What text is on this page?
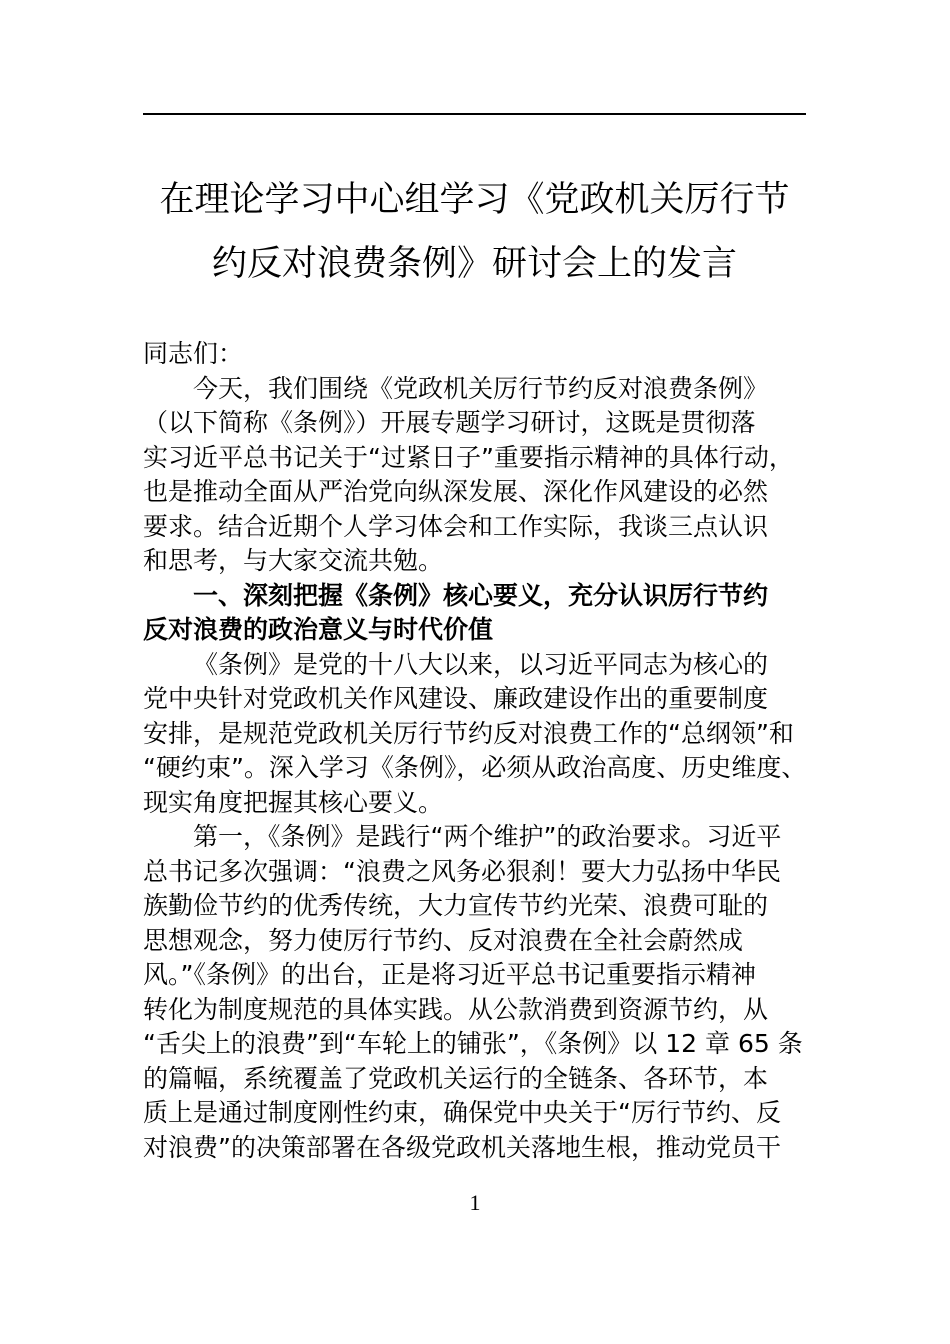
在理论学习中心组学习《党政机关厉行节
约反对浪费条例》研讨会上的发言
同志们：
今天，我们围绕《党政机关厉行节约反对浪费条例》
（以下简称《条例》）开展专题学习研讨，这既是贯彻落
实习近平总书记关于“过紧日子”重要指示精神的具体行动，
也是推动全面从严治党向纵深发展、深化作风建设的必然
要求。结合近期个人学习体会和工作实际，我谈三点认识
和思考，与大家交流共勉。
一、深刻把握《条例》核心要义，充分认识厉行节约
反对浪费的政治意义与时代价值
《条例》是党的十八大以来，以习近平同志为核心的
党中央针对党政机关作风建设、廉政建设作出的重要制度
安排，是规范党政机关厉行节约反对浪费工作的“总纲领”和
“硬约束”。深入学习《条例》，必须从政治高度、历史维度、
现实角度把握其核心要义。
第一，《条例》是践行“两个维护”的政治要求。习近平
总书记多次强调：“浪费之风务必狠刹！要大力弘扬中华民
族勤俭节约的优秀传统，大力宣传节约光荣、浪费可耻的
思想观念，努力使厉行节约、反对浪费在全社会蔚然成
风。”《条例》的出台，正是将习近平总书记重要指示精神
转化为制度规范的具体实践。从公款消费到资源节约，从
“舌尖上的浪费”到“车轮上的铺张”，《条例》以 12 章 65 条
的篇幅，系统覆盖了党政机关运行的全链条、各环节，本
质上是通过制度刚性约束，确保党中央关于“厉行节约、反
对浪费”的决策部署在各级党政机关落地生根，推动党员干
1
